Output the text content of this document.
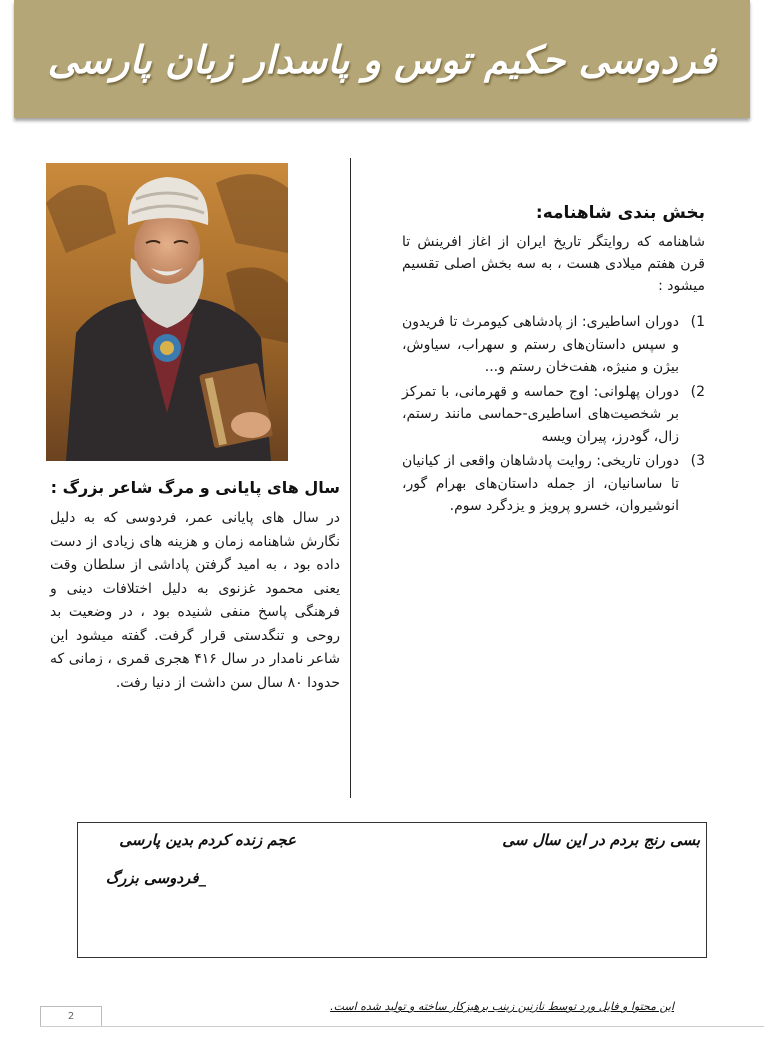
فردوسی حکیم توس و پاسدار زبان پارسی
بخش بندی شاهنامه:

شاهنامه که روایتگر تاریخ ایران از اغاز افرینش تا قرن هفتم میلادی هست ، به سه بخش اصلی تقسیم میشود :

1)
دوران اساطیری: از پادشاهی کیومرث تا فریدون و سپس داستان‌های رستم و سهراب، سیاوش، بیژن و منیژه، هفت‌خان رستم و...
2)
دوران پهلوانی: اوج حماسه و قهرمانی، با تمرکز بر شخصیت‌های اساطیری-حماسی مانند رستم، زال، گودرز، پیران ویسه
3)
دوران تاریخی: روایت پادشاهان واقعی از کیانیان تا ساسانیان، از جمله داستان‌های بهرام گور، انوشیروان، خسرو پرویز و یزدگرد سوم.
سال های پایانی و مرگ شاعر بزرگ :

در سال های پایانی عمر، فردوسی که به دلیل نگارش شاهنامه زمان و هزینه های زیادی از دست داده بود ، به امید گرفتن پاداشی از سلطان وقت یعنی محمود غزنوی به دلیل اختلافات دینی و فرهنگی پاسخ منفی شنیده بود ، در وضعیت بد روحی و تنگدستی قرار گرفت. گفته میشود این شاعر نامدار در سال ۴۱۶ هجری قمری ، زمانی که حدودا ۸۰ سال سن داشت از دنیا رفت.

بسی رنج بردم در این سال سی
عجم زنده کردم بدین پارسی
_فردوسی بزرگ
این محتوا و فایل ورد توسط نازنین زینب برهیزکار ساخته و تولید شده است.
2
